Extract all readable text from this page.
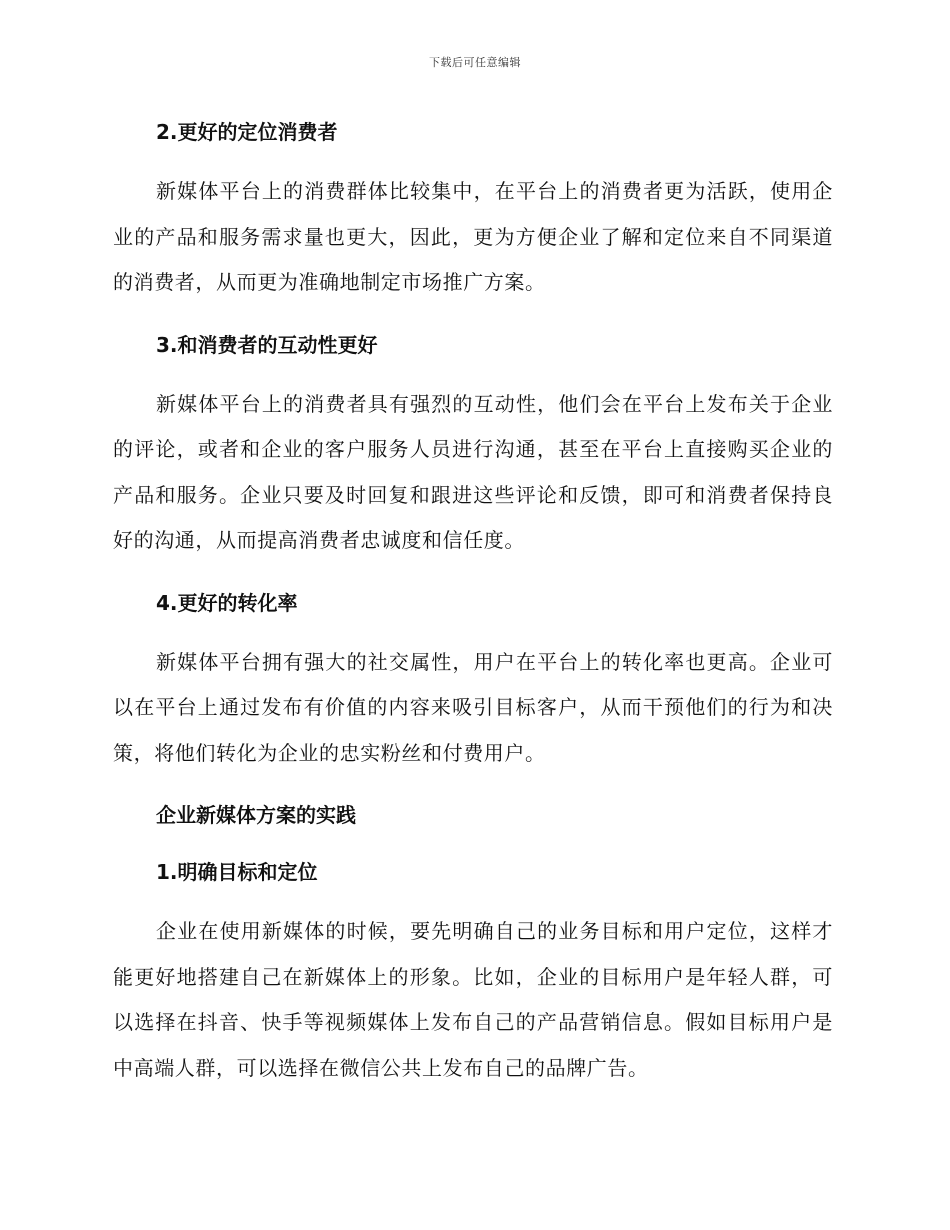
下载后可任意编辑

2.更好的定位消费者

新媒体平台上的消费群体比较集中，在平台上的消费者更为活跃，使用企业的产品和服务需求量也更大，因此，更为方便企业了解和定位来自不同渠道的消费者，从而更为准确地制定市场推广方案。

3.和消费者的互动性更好

新媒体平台上的消费者具有强烈的互动性，他们会在平台上发布关于企业的评论，或者和企业的客户服务人员进行沟通，甚至在平台上直接购买企业的产品和服务。企业只要及时回复和跟进这些评论和反馈，即可和消费者保持良好的沟通，从而提高消费者忠诚度和信任度。

4.更好的转化率

新媒体平台拥有强大的社交属性，用户在平台上的转化率也更高。企业可以在平台上通过发布有价值的内容来吸引目标客户，从而干预他们的行为和决策，将他们转化为企业的忠实粉丝和付费用户。

企业新媒体方案的实践

1.明确目标和定位

企业在使用新媒体的时候，要先明确自己的业务目标和用户定位，这样才能更好地搭建自己在新媒体上的形象。比如，企业的目标用户是年轻人群，可以选择在抖音、快手等视频媒体上发布自己的产品营销信息。假如目标用户是中高端人群，可以选择在微信公共上发布自己的品牌广告。
